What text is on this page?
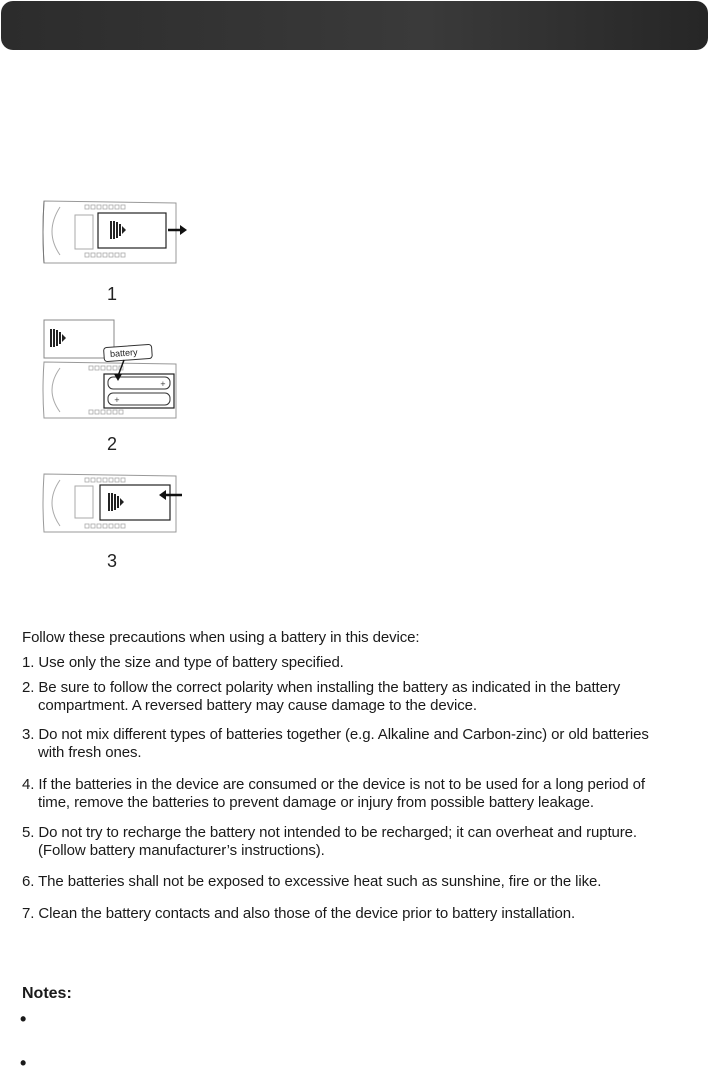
1
+
+
battery
2
3
Follow these precautions when using a battery in this device:
1. Use only the size and type of battery specified.
2. Be sure to follow the correct polarity when installing the battery as indicated in the battery
compartment. A reversed battery may cause damage to the device.
3. Do not mix different types of batteries together (e.g. Alkaline and Carbon-zinc) or old batteries
with fresh ones.
4. If the batteries in the device are consumed or the device is not to be used for a long period of
time, remove the batteries to prevent damage or injury from possible battery leakage.
5. Do not try to recharge the battery not intended to be recharged; it can overheat and rupture.
(Follow battery manufacturer’s instructions).
6. The batteries shall not be exposed to excessive heat such as sunshine, fire or the like.
7. Clean the battery contacts and also those of the device prior to battery installation.
Notes:
•
•
